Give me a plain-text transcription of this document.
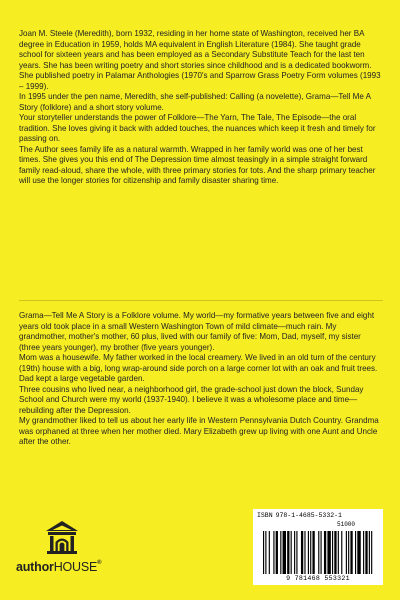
Joan M. Steele (Meredith), born 1932, residing in her home state of Washington, received her BA degree in Education in 1959, holds MA equivalent in English Literature (1984). She taught grade school for sixteen years and has been employed as a Secondary Substitute Teach for the last ten years. She has been writing poetry and short stories since childhood and is a dedicated bookworm.

She published poetry in Palamar Anthologies (1970's and Sparrow Grass Poetry Form volumes (1993 – 1999).

In 1995 under the pen name, Meredith, she self-published: Calling (a novelette), Grama—Tell Me A Story (folklore) and a short story volume.

Your storyteller understands the power of Folklore—The Yarn, The Tale, The Episode—the oral tradition. She loves giving it back with added touches, the nuances which keep it fresh and timely for passing on.

The Author sees family life as a natural warmth. Wrapped in her family world was one of her best times. She gives you this end of The Depression time almost teasingly in a simple straight forward family read-aloud, share the whole, with three primary stories for tots. And the sharp primary teacher will use the longer stories for citizenship and family disaster sharing time.

Grama—Tell Me A Story is a Folklore volume. My world—my formative years between five and eight years old took place in a small Western Washington Town of mild climate—much rain. My grandmother, mother's mother, 60 plus, lived with our family of five: Mom, Dad, myself, my sister (three years younger), my brother (five years younger).

Mom was a housewife. My father worked in the local creamery. We lived in an old turn of the century (19th) house with a big, long wrap-around side porch on a large corner lot with an oak and fruit trees. Dad kept a large vegetable garden.

Three cousins who lived near, a neighborhood girl, the grade-school just down the block, Sunday School and Church were my world (1937-1940). I believe it was a wholesome place and time—rebuilding after the Depression.

My grandmother liked to tell us about her early life in Western Pennsylvania Dutch Country. Grandma was orphaned at three when her mother died. Mary Elizabeth grew up living with one Aunt and Uncle after the other.

authorHOUSE®
ISBN 978-1-4685-5332-1
51000
9 781468 553321
